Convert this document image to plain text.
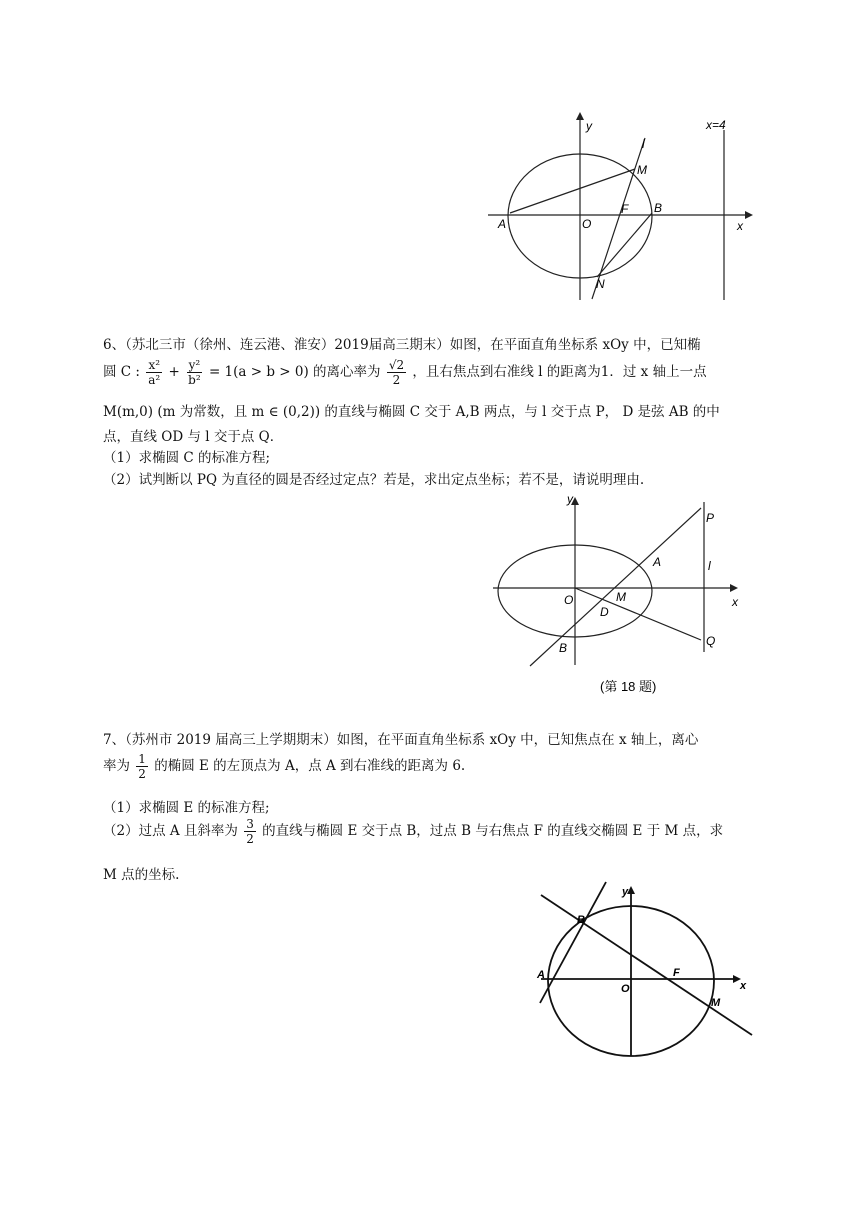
y	x=4
l
M
F B
A	O	x
N
6、（苏北三市（徐州、连云港、淮安）2019届高三期末）如图，在平面直角坐标系 xOy 中，已知椭
圆 C : $\frac{\text{x²}}{\text{a²}} + \frac{\text{y²}}{\text{b²}} = 1(a > b > 0)$ 的离心率为 $\frac{√2}{2}$ ，且右焦点到右准线 l 的距离为1．过 x 轴上一点
M(m,0) (m 为常数，且 m ∈ (0,2)) 的直线与椭圆 C 交于 A,B 两点，与 l 交于点 P， D 是弦 AB 的中
点，直线 OD 与 l 交于点 Q．
（1）求椭圆 C 的标准方程;
（2）试判断以 PQ 为直径的圆是否经过定点？若是，求出定点坐标；若不是，请说明理由.
y
P
A	l
O	M	x
D
B	Q
(第 18 题)
7、（苏州市 2019 届高三上学期期末）如图，在平面直角坐标系 xOy 中，已知焦点在 x 轴上，离心
率为 $\frac{1}{2}$ 的椭圆 E 的左顶点为 A，点 A 到右准线的距离为 6.
（1）求椭圆 E 的标准方程;
（2）过点 A 且斜率为 $\frac{3}{2}$ 的直线与椭圆 E 交于点 B，过点 B 与右焦点 F 的直线交椭圆 E 于 M 点，求
M 点的坐标.
y
B
A
O
F
x
M
